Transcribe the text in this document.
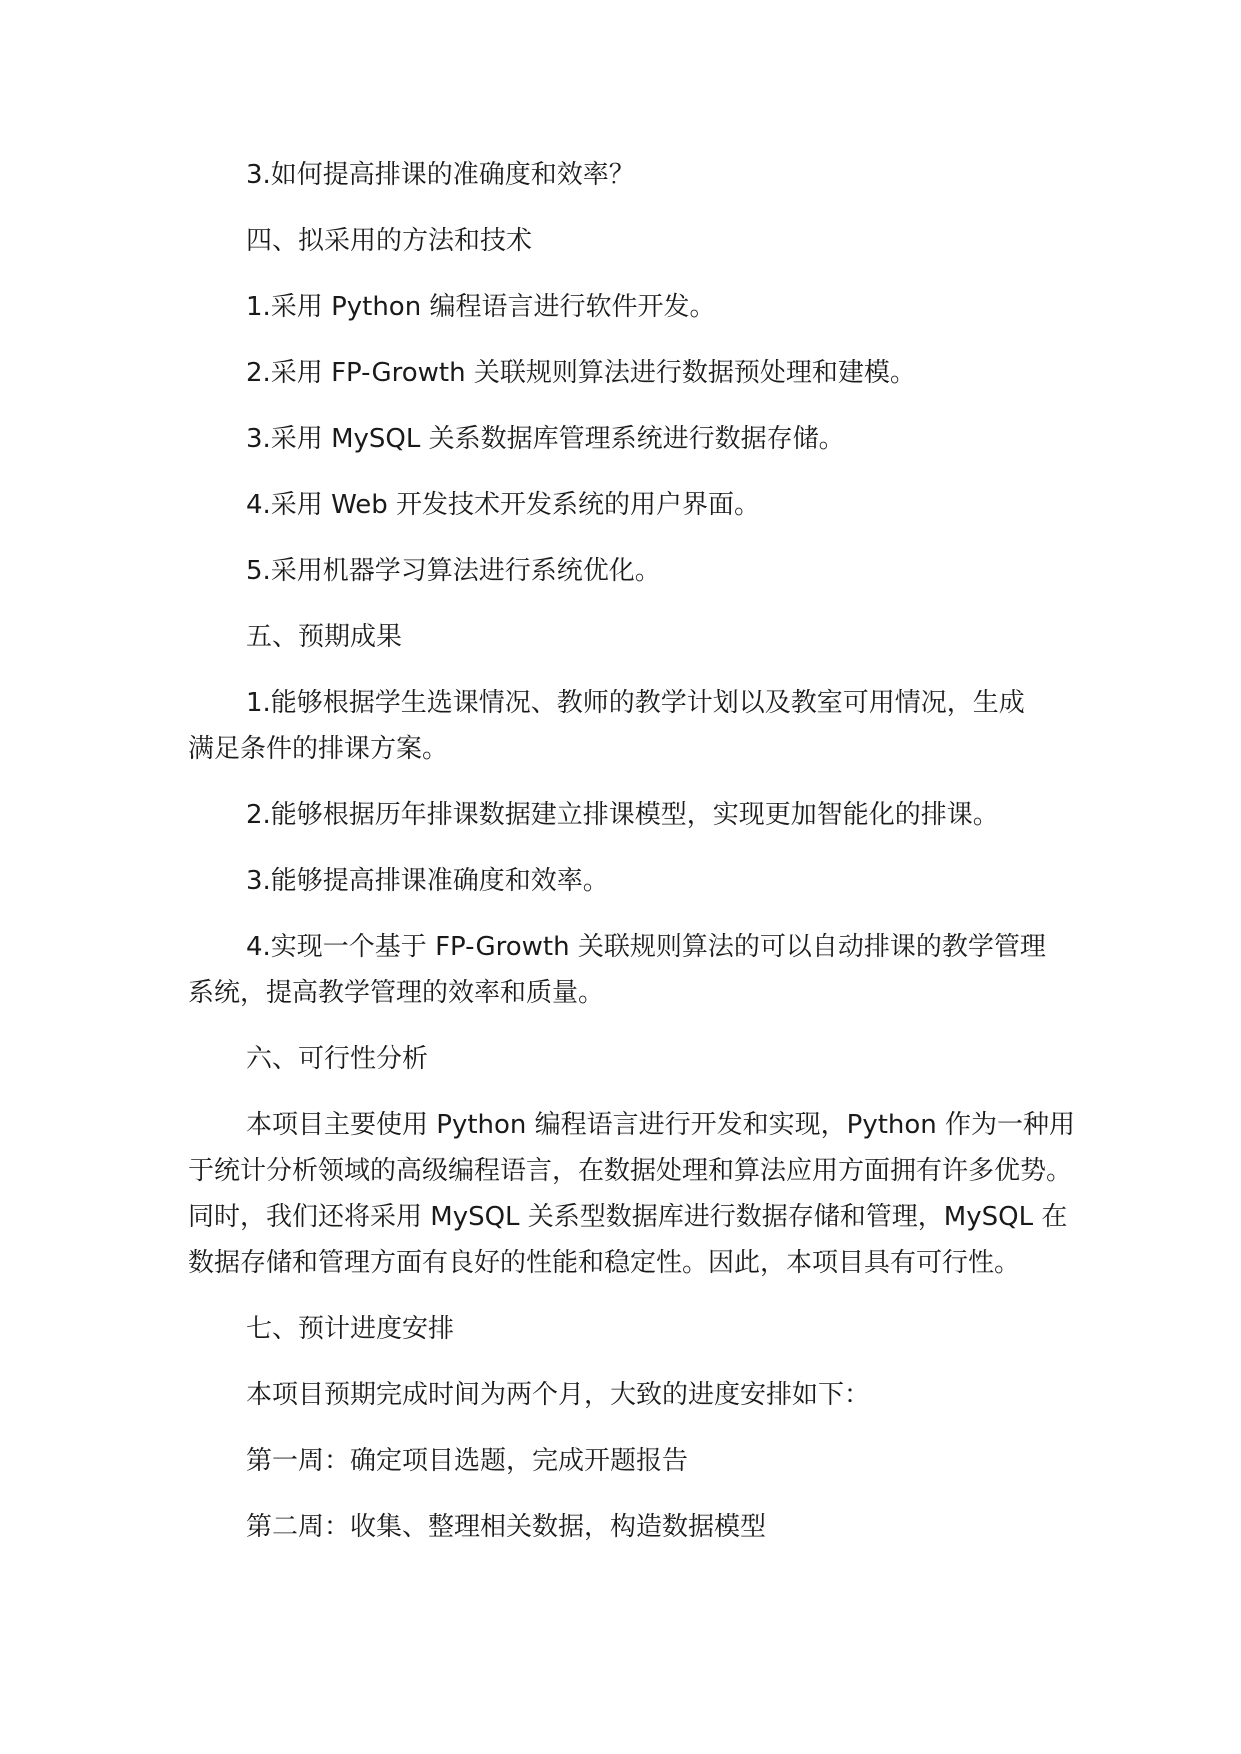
3.如何提高排课的准确度和效率？

四、拟采用的方法和技术

1.采用 Python 编程语言进行软件开发。

2.采用 FP-Growth 关联规则算法进行数据预处理和建模。

3.采用 MySQL 关系数据库管理系统进行数据存储。

4.采用 Web 开发技术开发系统的用户界面。

5.采用机器学习算法进行系统优化。

五、预期成果

1.能够根据学生选课情况、教师的教学计划以及教室可用情况，生成满足条件的排课方案。

2.能够根据历年排课数据建立排课模型，实现更加智能化的排课。

3.能够提高排课准确度和效率。

4.实现一个基于 FP-Growth 关联规则算法的可以自动排课的教学管理系统，提高教学管理的效率和质量。

六、可行性分析

本项目主要使用 Python 编程语言进行开发和实现，Python 作为一种用于统计分析领域的高级编程语言，在数据处理和算法应用方面拥有许多优势。同时，我们还将采用 MySQL 关系型数据库进行数据存储和管理，MySQL 在数据存储和管理方面有良好的性能和稳定性。因此，本项目具有可行性。

七、预计进度安排

本项目预期完成时间为两个月，大致的进度安排如下：

第一周：确定项目选题，完成开题报告

第二周：收集、整理相关数据，构造数据模型
